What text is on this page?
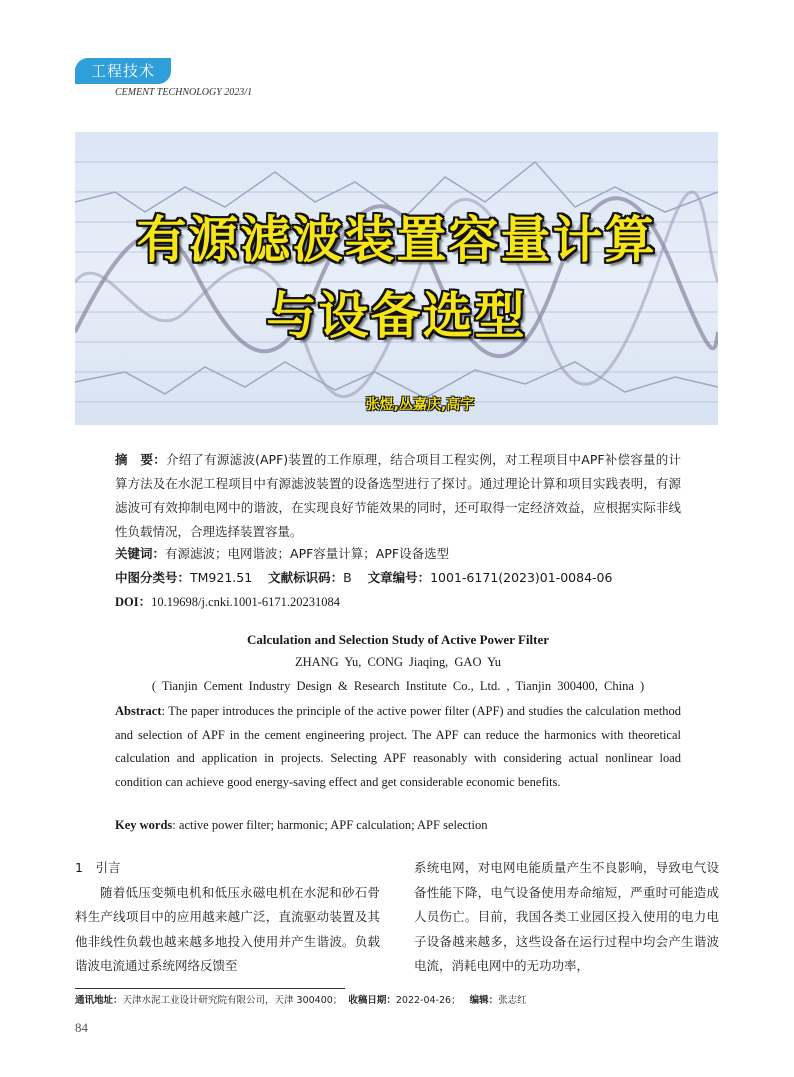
工程技术
CEMENT TECHNOLOGY 2023/1
有源滤波装置容量计算
与设备选型
张煜,丛嘉庆,高宇
摘　要：介绍了有源滤波(APF)装置的工作原理，结合项目工程实例，对工程项目中APF补偿容量的计算方法及在水泥工程项目中有源滤波装置的设备选型进行了探讨。通过理论计算和项目实践表明，有源滤波可有效抑制电网中的谐波，在实现良好节能效果的同时，还可取得一定经济效益，应根据实际非线性负载情况，合理选择装置容量。
关键词：有源滤波；电网谐波；APF容量计算；APF设备选型
中图分类号：TM921.51 文献标识码：B 文章编号：1001-6171(2023)01-0084-06
DOI：10.19698/j.cnki.1001-6171.20231084
Calculation and Selection Study of Active Power Filter
ZHANG Yu, CONG Jiaqing, GAO Yu
( Tianjin Cement Industry Design & Research Institute Co., Ltd. , Tianjin 300400, China )
Abstract: The paper introduces the principle of the active power filter (APF) and studies the calculation method and selection of APF in the cement engineering project. The APF can reduce the harmonics with theoretical calculation and application in projects. Selecting APF reasonably with considering actual nonlinear load condition can achieve good energy-saving effect and get considerable economic benefits.
Key words: active power filter; harmonic; APF calculation; APF selection

1　引言

随着低压变频电机和低压永磁电机在水泥和砂石骨料生产线项目中的应用越来越广泛，直流驱动装置及其他非线性负载也越来越多地投入使用并产生谐波。负载谐波电流通过系统网络反馈至

系统电网，对电网电能质量产生不良影响，导致电气设备性能下降，电气设备使用寿命缩短，严重时可能造成人员伤亡。目前，我国各类工业园区投入使用的电力电子设备越来越多，这些设备在运行过程中均会产生谐波电流，消耗电网中的无功功率，

通讯地址：天津水泥工业设计研究院有限公司，天津 300400； 收稿日期：2022-04-26； 编辑：张志红
84
